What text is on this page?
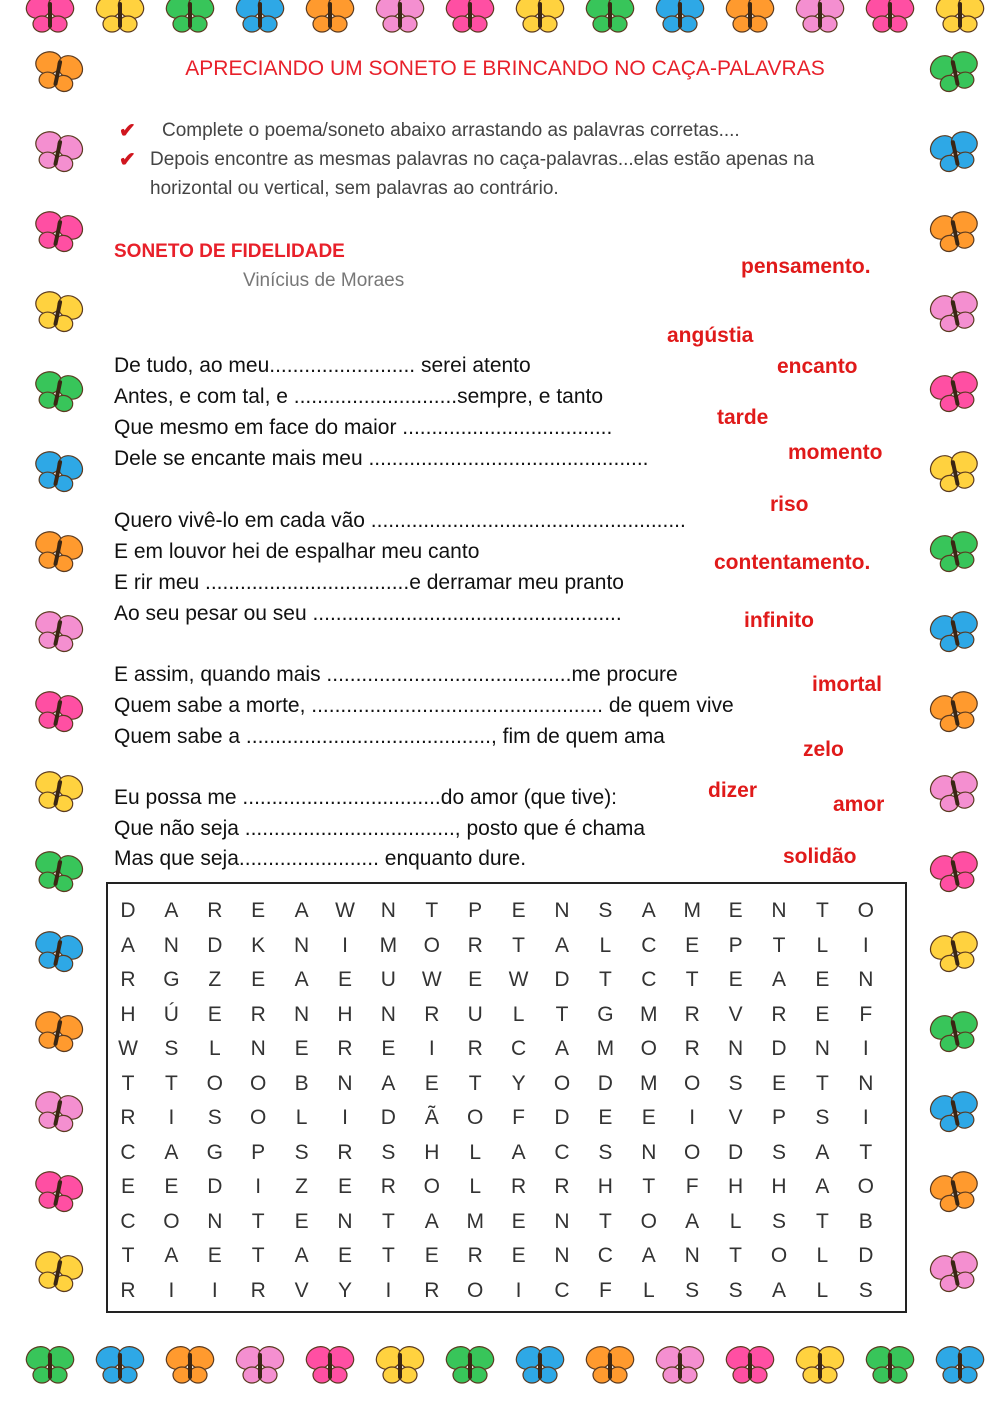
APRECIANDO UM SONETO E BRINCANDO NO CAÇA-PALAVRAS
✔ Complete o poema/soneto abaixo arrastando as palavras corretas....
✔ Depois encontre as mesmas palavras no caça-palavras...elas estão apenas na
horizontal ou vertical, sem palavras ao contrário.
SONETO DE FIDELIDADE
Vinícius de Moraes
De tudo, ao meu......................... serei atento
Antes, e com tal, e ............................sempre, e tanto
Que mesmo em face do maior ....................................
Dele se encante mais meu ................................................
Quero vivê-lo em cada vão ......................................................
E em louvor hei de espalhar meu canto
E rir meu ...................................e derramar meu pranto
Ao seu pesar ou seu .....................................................
E assim, quando mais ..........................................me procure
Quem sabe a morte, .................................................. de quem vive
Quem sabe a .........................................., fim de quem ama
Eu possa me ..................................do amor (que tive):
Que não seja ...................................., posto que é chama
Mas que seja........................ enquanto dure.
pensamento.
angústia
encanto
tarde
momento
riso
contentamento.
infinito
imortal
zelo
dizer
amor
solidão
D	A	R	E	A	W	N	T	P	E	N	S	A	M	E	N	T	O
A	N	D	K	N	I	M	O	R	T	A	L	C	E	P	T	L	I
R	G	Z	E	A	E	U	W	E	W	D	T	C	T	E	A	E	N
H	Ú	E	R	N	H	N	R	U	L	T	G	M	R	V	R	E	F
W	S	L	N	E	R	E	I	R	C	A	M	O	R	N	D	N	I
T	T	O	O	B	N	A	E	T	Y	O	D	M	O	S	E	T	N
R	I	S	O	L	I	D	Ã	O	F	D	E	E	I	V	P	S	I
C	A	G	P	S	R	S	H	L	A	C	S	N	O	D	S	A	T
E	E	D	I	Z	E	R	O	L	R	R	H	T	F	H	H	A	O
C	O	N	T	E	N	T	A	M	E	N	T	O	A	L	S	T	B
T	A	E	T	A	E	T	E	R	E	N	C	A	N	T	O	L	D
R	I	I	R	V	Y	I	R	O	I	C	F	L	S	S	A	L	S
